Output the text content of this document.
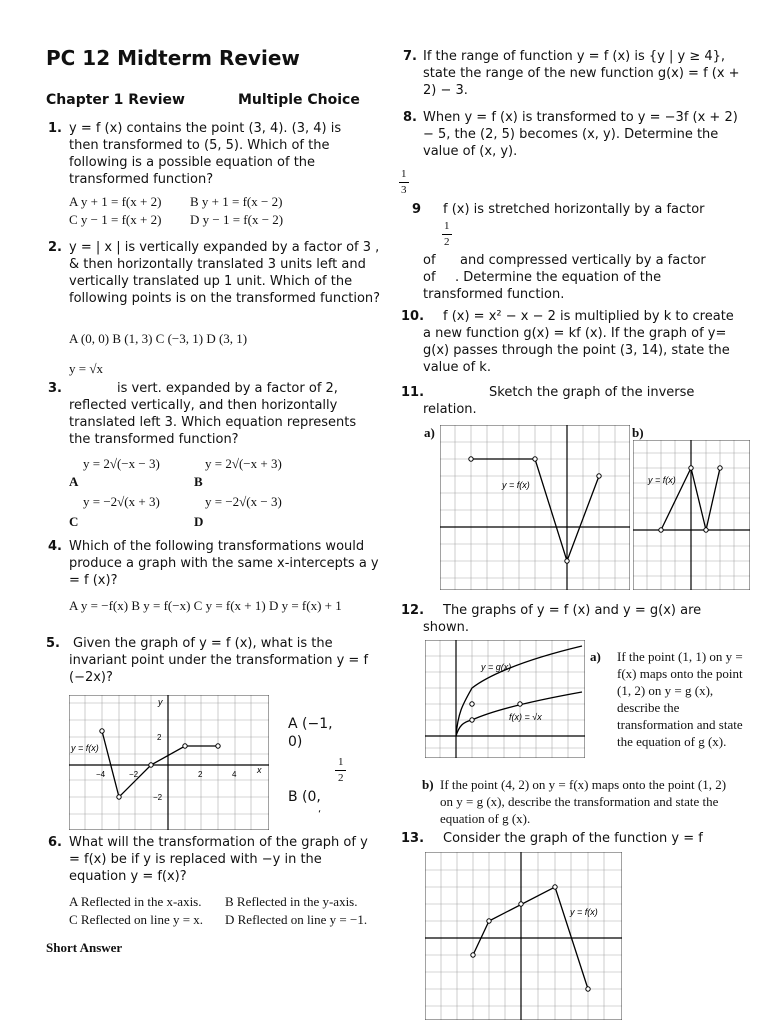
PC 12 Midterm Review
Chapter 1 Review	Multiple Choice
1. y = f (x) contains the point (3, 4). (3, 4) is then transformed to (5, 5). Which of the following is a possible equation of the transformed function?
A y + 1 = f(x + 2) B y + 1 = f(x − 2)
C y − 1 = f(x + 2) D y − 1 = f(x − 2)
2. y = | x | is vertically expanded by a factor of 3 , & then horizontally translated 3 units left and vertically translated up 1 unit. Which of the following points is on the transformed function?
A (0, 0) B (1, 3) C (−3, 1) D (3, 1)
y = √x
3.	is vert. expanded by a factor of 2, reflected vertically, and then horizontally translated left 3. Which equation represents the transformed function?
y = 2√(−x − 3)	y = 2√(−x + 3)
A	B
y = −2√(x + 3)	y = −2√(x − 3)
C	D
4. Which of the following transformations would produce a graph with the same x-intercepts a y = f (x)?
A y = −f(x) B y = f(−x) C y = f(x + 1) D y = f(x) + 1
5.	Given the graph of y = f (x), what is the invariant point under the transformation y = f (−2x)?
y = f(x)
x
y
−4	−2	2	4
2
−2
A (−1,
0)
1
2
B (0,
‘
6. What will the transformation of the graph of y = f(x) be if y is replaced with −y in the equation y = f(x)?
A Reflected in the x-axis. B Reflected in the y-axis.
C Reflected on line y = x. D Reflected on line y = −1.
Short Answer
7. If the range of function y = f (x) is {y | y ≥ 4}, state the range of the new function g(x) = f (x + 2) − 3.
8. When y = f (x) is transformed to y = −3f (x + 2) − 5, the (2, 5) becomes (x, y). Determine the value of (x, y).
1
3
9 f (x) is stretched horizontally by a factor
1
2
of and compressed vertically by a factor
of . Determine the equation of the
transformed function.
10.	f (x) = x² − x − 2 is multiplied by k to create a new function g(x) = kf (x). If the graph of y= g(x) passes through the point (3, 14), state the value of k.
11.	Sketch the graph of the inverse relation.
a)	b)
y = f(x)	y = f(x)
12.	The graphs of y = f (x) and y = g(x) are shown.
y = g(x)
f(x) = √x
a) If the point (1, 1) on y = f(x) maps onto the point (1, 2) on y = g (x), describe the transformation and state the equation of g (x).
b) If the point (4, 2) on y = f(x) maps onto the point (1, 2) on y = g (x), describe the transformation and state the equation of g (x).
13. Consider the graph of the function y = f
y = f(x)
